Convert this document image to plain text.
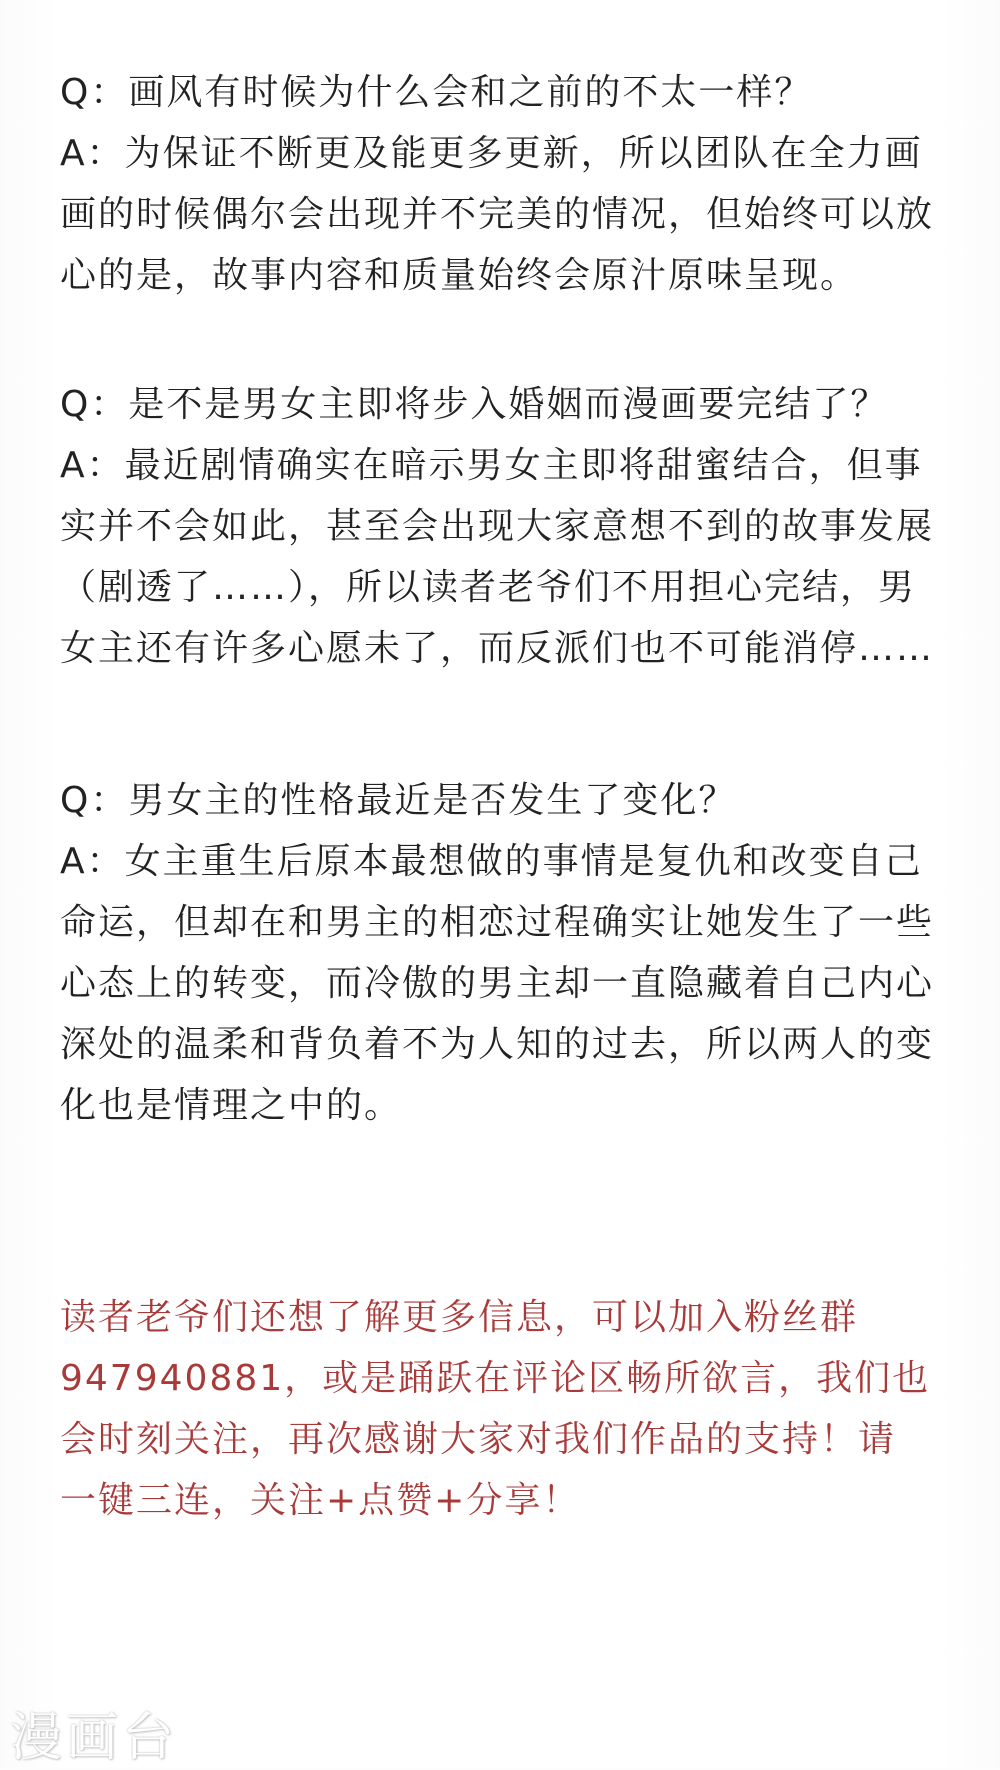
Q：画风有时候为什么会和之前的不太一样？

A：为保证不断更及能更多更新，所以团队在全力画

画的时候偶尔会出现并不完美的情况，但始终可以放

心的是，故事内容和质量始终会原汁原味呈现。

Q：是不是男女主即将步入婚姻而漫画要完结了？

A：最近剧情确实在暗示男女主即将甜蜜结合，但事

实并不会如此，甚至会出现大家意想不到的故事发展

（剧透了……），所以读者老爷们不用担心完结，男

女主还有许多心愿未了，而反派们也不可能消停……

Q：男女主的性格最近是否发生了变化？

A：女主重生后原本最想做的事情是复仇和改变自己

命运，但却在和男主的相恋过程确实让她发生了一些

心态上的转变，而冷傲的男主却一直隐藏着自己内心

深处的温柔和背负着不为人知的过去，所以两人的变

化也是情理之中的。

读者老爷们还想了解更多信息，可以加入粉丝群

947940881，或是踊跃在评论区畅所欲言，我们也

会时刻关注，再次感谢大家对我们作品的支持！请

一键三连，关注+点赞+分享！

漫画台
